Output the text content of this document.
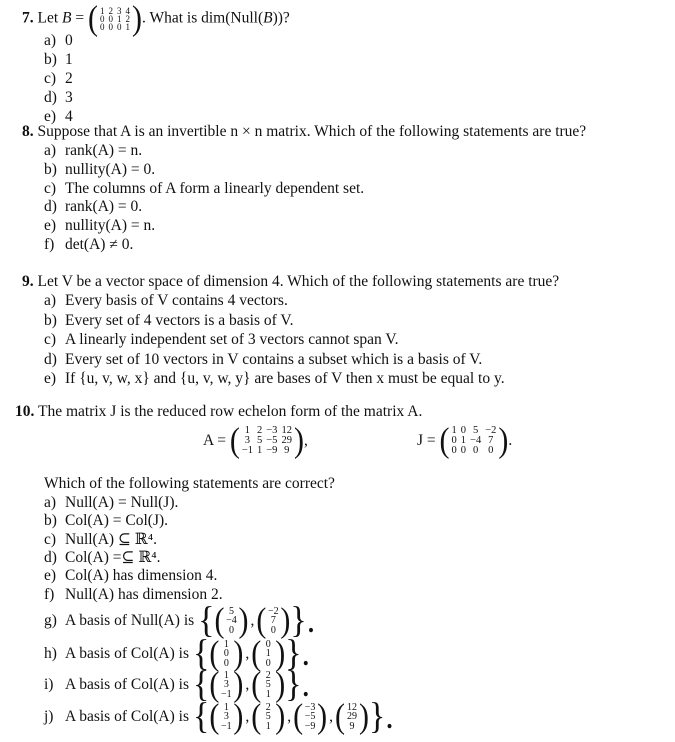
7. Let B = ( 1	2	3	4
0	0	1	2
0	0	0	1 ) . What is dim(Null(B))?
a) 0
b) 1
c) 2
d) 3
e) 4
8. Suppose that A is an invertible n × n matrix. Which of the following statements are true?
a) rank(A) = n.
b) nullity(A) = 0.
c) The columns of A form a linearly dependent set.
d) rank(A) = 0.
e) nullity(A) = n.
f) det(A) ≠ 0.
9. Let V be a vector space of dimension 4. Which of the following statements are true?
a) Every basis of V contains 4 vectors.
b) Every set of 4 vectors is a basis of V.
c) A linearly independent set of 3 vectors cannot span V.
d) Every set of 10 vectors in V contains a subset which is a basis of V.
e) If {u, v, w, x} and {u, v, w, y} are bases of V then x must be equal to y.
10. The matrix J is the reduced row echelon form of the matrix A.
A = ( 1	2	−3	12
3	5	−5	29
−1	1	−9	9 ) ,	J = ( 1	0	5	−2
0	1	−4	7
0	0	0	0 ) .
Which of the following statements are correct?
a) Null(A) = Null(J).
b) Col(A) = Col(J).
c) Null(A) ⊆ ℝ⁴.
d) Col(A) =⊆ ℝ⁴.
e) Col(A) has dimension 4.
f) Null(A) has dimension 2.
g) A basis of Null(A) is { ( 5
−4
0 ) , ( −2
7
0 ) }.
h) A basis of Col(A) is { ( 1
0
0 ) , ( 0
1
0 ) }.
i) A basis of Col(A) is { ( 1
3
−1 ) , ( 2
5
1 ) }.
j) A basis of Col(A) is { ( 1
3
−1 ) , ( 2
5
1 ) , ( −3
−5
−9 ) , ( 12
29
9 ) }.
